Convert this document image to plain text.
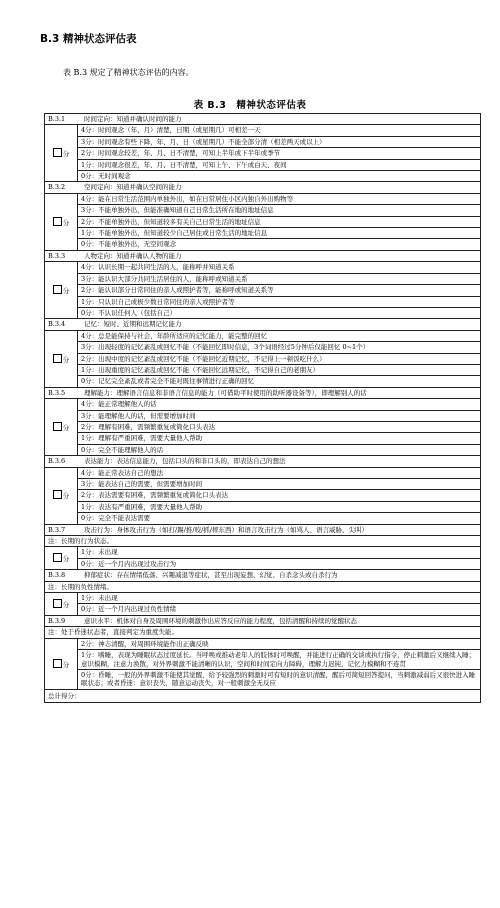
B.3 精神状态评估表
表 B.3 规定了精神状态评估的内容。
表 B.3　精神状态评估表
B.3.1 时间定向：知道并确认时间的能力	
分	4分：时间观念（年、月）清楚，日期（或星期几）可相差一天
	3分：时间观念有些下降，年、月、日（或星期几）不能全部分清（相差两天或以上）
	2分：时间观念较差，年、月、日不清楚，可知上半年或下半年或季节
	1分：时间观念很差，年、月、日不清楚，可知上午、下午或白天、夜间
	0分：无时间观念
B.3.2 空间定向：知道并确认空间的能力	
分	4分：能在日常生活范围内单独外出，如在日常居住小区内独自外出购物等
	3分：不能单独外出，但能准确知道自己日常生活所在地的地址信息
	2分：不能单独外出，但知道较多有关自己日常生活的地址信息
	1分：不能单独外出，但知道较少自己居住或日常生活的地址信息
	0分：不能单独外出，无空间观念
B.3.3 人物定向：知道并确认人物的能力	
分	4分：认识长期一起共同生活的人，能称呼并知道关系
	3分：能认识大部分共同生活居住的人，能称呼或知道关系
	2分：能认识部分日常同住的亲人或照护者等，能称呼或知道关系等
	1分：只认识自己或极少数日常同住的亲人或照护者等
	0分：不认识任何人（包括自己）
B.3.4 记忆：短时、近期和远期记忆能力	
分	4分：总是能保持与社会、年龄所适应的记忆能力，能完整的回忆
	3分：出现轻度的记忆紊乱或回忆不能（不能回忆即时信息，3个词语经过5分钟后仅能回忆 0~1个）
	2分：出现中度的记忆紊乱或回忆不能（不能回忆近期记忆，不记得上一顿饭吃什么）
	1分：出现重度的记忆紊乱或回忆不能（不能回忆远期记忆，不记得自己的老朋友）
	0分：记忆完全紊乱或者完全不能对既往事情进行正确的回忆
B.3.5 理解能力：理解语言信息和非语言信息的能力（可借助平时使用的助听器设备等），即理解别人的话	
分	4分：能正常理解他人的话
	3分：能理解他人的话，但需要增加时间
	2分：理解有困难，需频繁重复或简化口头表达
	1分：理解有严重困难，需要大量他人帮助
	0分：完全不能理解他人的话
B.3.6 表达能力：表达信息能力，包括口头的和非口头的，即表达自己的想法	
分	4分：能正常表达自己的想法
	3分：能表达自己的需要，但需要增加时间
	2分：表达需要有困难，需频繁重复或简化口头表达
	1分：表达有严重困难，需要大量他人帮助
	0分：完全不能表达需要
B.3.7 攻击行为：身体攻击行为（如打/踢/推/咬/抓/摔东西）和语言攻击行为（如骂人、语言威胁、尖叫）	
注：长期的行为状态。	
分	1分：未出现
	0分：近一个月内出现过攻击行为
B.3.8 抑郁症状：存在情绪低落、兴趣减退等症状，甚至出现妄想、幻觉、自杀念头或自杀行为	
注：长期的负性情绪。	
分	1分：未出现
	0分：近一个月内出现过负性情绪
B.3.9 意识水平：机体对自身及周围环境的刺激作出应答反应的能力程度，包括清醒和持续的觉醒状态	
注：处于昏迷状态者，直接判定为重度失能。	
分	2分：神志清醒，对周围环境能作出正确反映
	1分：嗜睡，表现为睡眠状态过度延长。当呼唤或推动老年人的肢体时可唤醒，并能进行正确的交谈或执行指令，停止刺激后又继续入睡；意识模糊，注意力涣散，对外界刺激不能清晰的认识，空间和时间定向力障碍，理解力迟钝，记忆力模糊和不连贯
	0分：昏睡，一般的外界刺激不能使其觉醒，给予较强烈的刺激时可有短时的意识清醒，醒后可简短回答提问，当刺激减弱后又很快进入睡眠状态；或者昏迷：意识丧失，随意运动丧失，对一般刺激全无反应
总计得分：	
